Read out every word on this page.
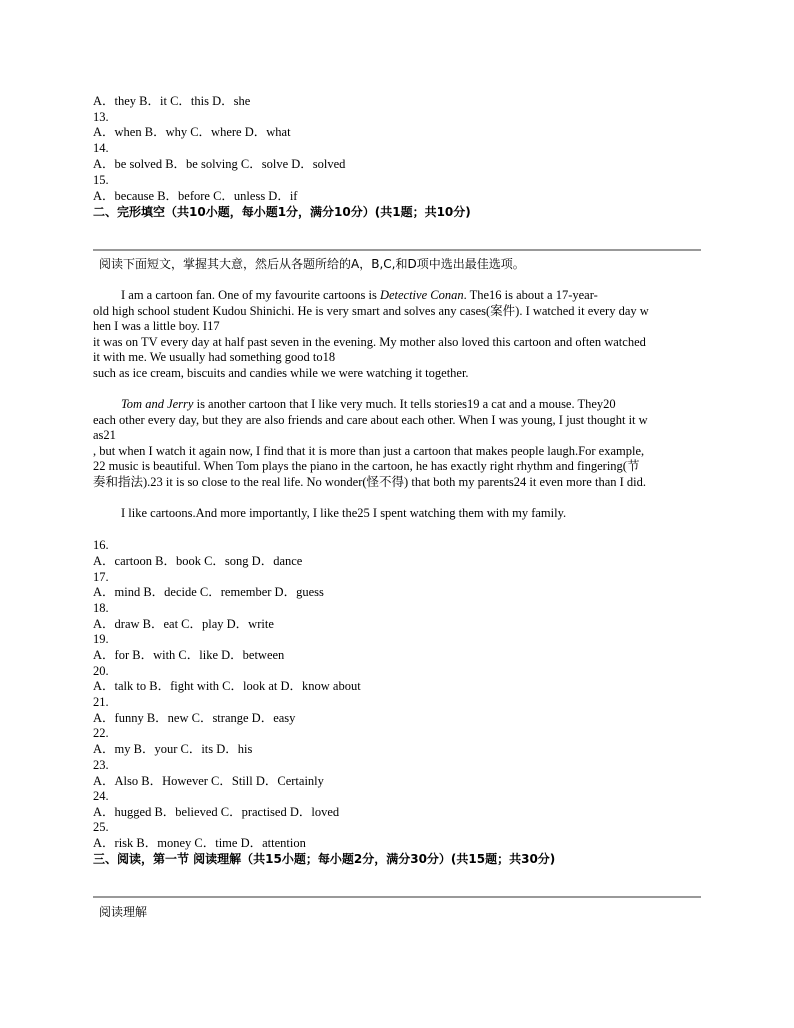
A．they B．it C．this D．she
13.
A．when B．why C．where D．what
14.
A．be solved B．be solving C．solve D．solved
15.
A．because B．before C．unless D．if
二、完形填空（共10小题，每小题1分，满分10分）(共1题；共10分)
阅读下面短文，掌握其大意，然后从各题所给的A，B,C,和D项中选出最佳选项。

I am a cartoon fan. One of my favourite cartoons is Detective Conan. The16 is about a 17-year-

old high school student Kudou Shinichi. He is very smart and solves any cases(案件). I watched it every day w

hen I was a little boy. I17

it was on TV every day at half past seven in the evening. My mother also loved this cartoon and often watched

it with me. We usually had something good to18

such as ice cream, biscuits and candies while we were watching it together.

Tom and Jerry is another cartoon that I like very much. It tells stories19 a cat and a mouse. They20

each other every day, but they are also friends and care about each other. When I was young, I just thought it w

as21

, but when I watch it again now, I find that it is more than just a cartoon that makes people laugh.For example,

22 music is beautiful. When Tom plays the piano in the cartoon, he has exactly right rhythm and fingering(节

奏和指法).23 it is so close to the real life. No wonder(怪不得) that both my parents24 it even more than I did.

I like cartoons.And more importantly, I like the25 I spent watching them with my family.

16.
A．cartoon B．book C．song D．dance
17.
A．mind B．decide C．remember D．guess
18.
A．draw B．eat C．play D．write
19.
A．for B．with C．like D．between
20.
A．talk to B．fight with C．look at D．know about
21.
A．funny B．new C．strange D．easy
22.
A．my B．your C．its D．his
23.
A．Also B．However C．Still D．Certainly
24.
A．hugged B．believed C．practised D．loved
25.
A．risk B．money C．time D．attention
三、阅读，第一节 阅读理解（共15小题；每小题2分，满分30分）(共15题；共30分)
阅读理解
